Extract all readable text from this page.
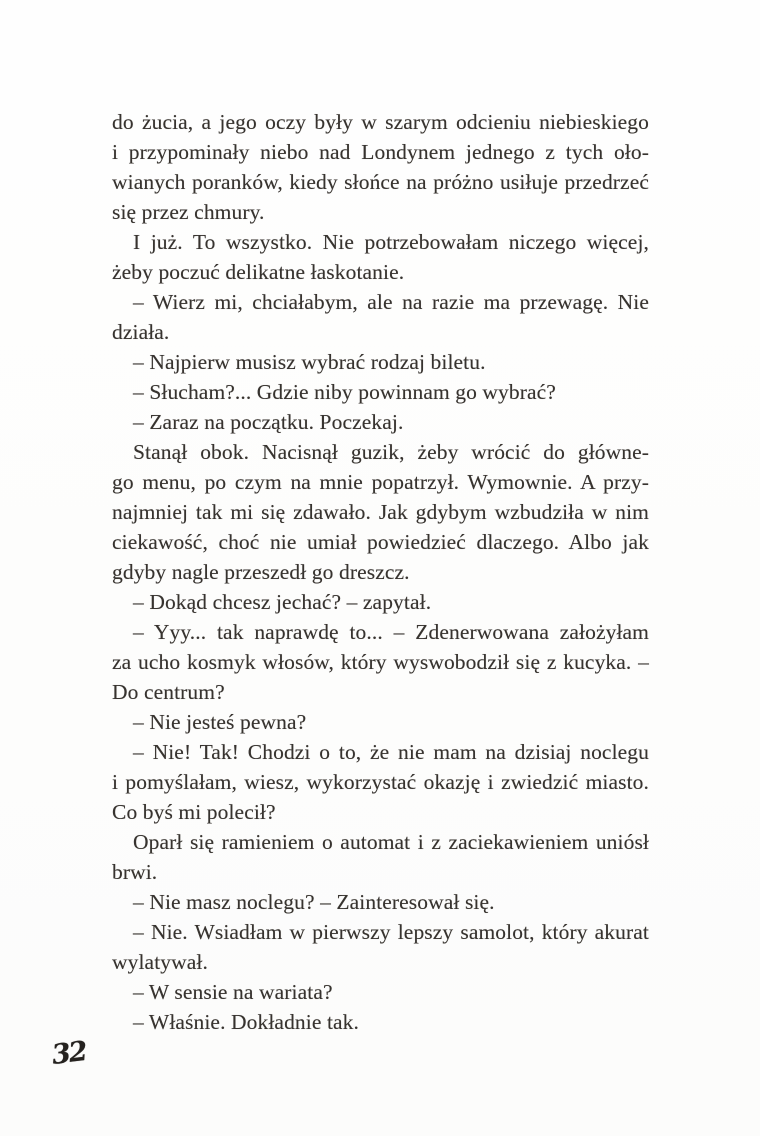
do żucia, a jego oczy były w szarym odcieniu niebieskiego
i przypominały niebo nad Londynem jednego z tych oło-
wianych poranków, kiedy słońce na próżno usiłuje przedrzeć
się przez chmury.
I już. To wszystko. Nie potrzebowałam niczego więcej,
żeby poczuć delikatne łaskotanie.
– Wierz mi, chciałabym, ale na razie ma przewagę. Nie
działa.
– Najpierw musisz wybrać rodzaj biletu.
– Słucham?... Gdzie niby powinnam go wybrać?
– Zaraz na początku. Poczekaj.
Stanął obok. Nacisnął guzik, żeby wrócić do główne-
go menu, po czym na mnie popatrzył. Wymownie. A przy-
najmniej tak mi się zdawało. Jak gdybym wzbudziła w nim
ciekawość, choć nie umiał powiedzieć dlaczego. Albo jak
gdyby nagle przeszedł go dreszcz.
– Dokąd chcesz jechać? – zapytał.
– Yyy... tak naprawdę to... – Zdenerwowana założyłam
za ucho kosmyk włosów, który wyswobodził się z kucyka. –
Do centrum?
– Nie jesteś pewna?
– Nie! Tak! Chodzi o to, że nie mam na dzisiaj noclegu
i pomyślałam, wiesz, wykorzystać okazję i zwiedzić miasto.
Co byś mi polecił?
Oparł się ramieniem o automat i z zaciekawieniem uniósł
brwi.
– Nie masz noclegu? – Zainteresował się.
– Nie. Wsiadłam w pierwszy lepszy samolot, który akurat
wylatywał.
– W sensie na wariata?
– Właśnie. Dokładnie tak.
32
